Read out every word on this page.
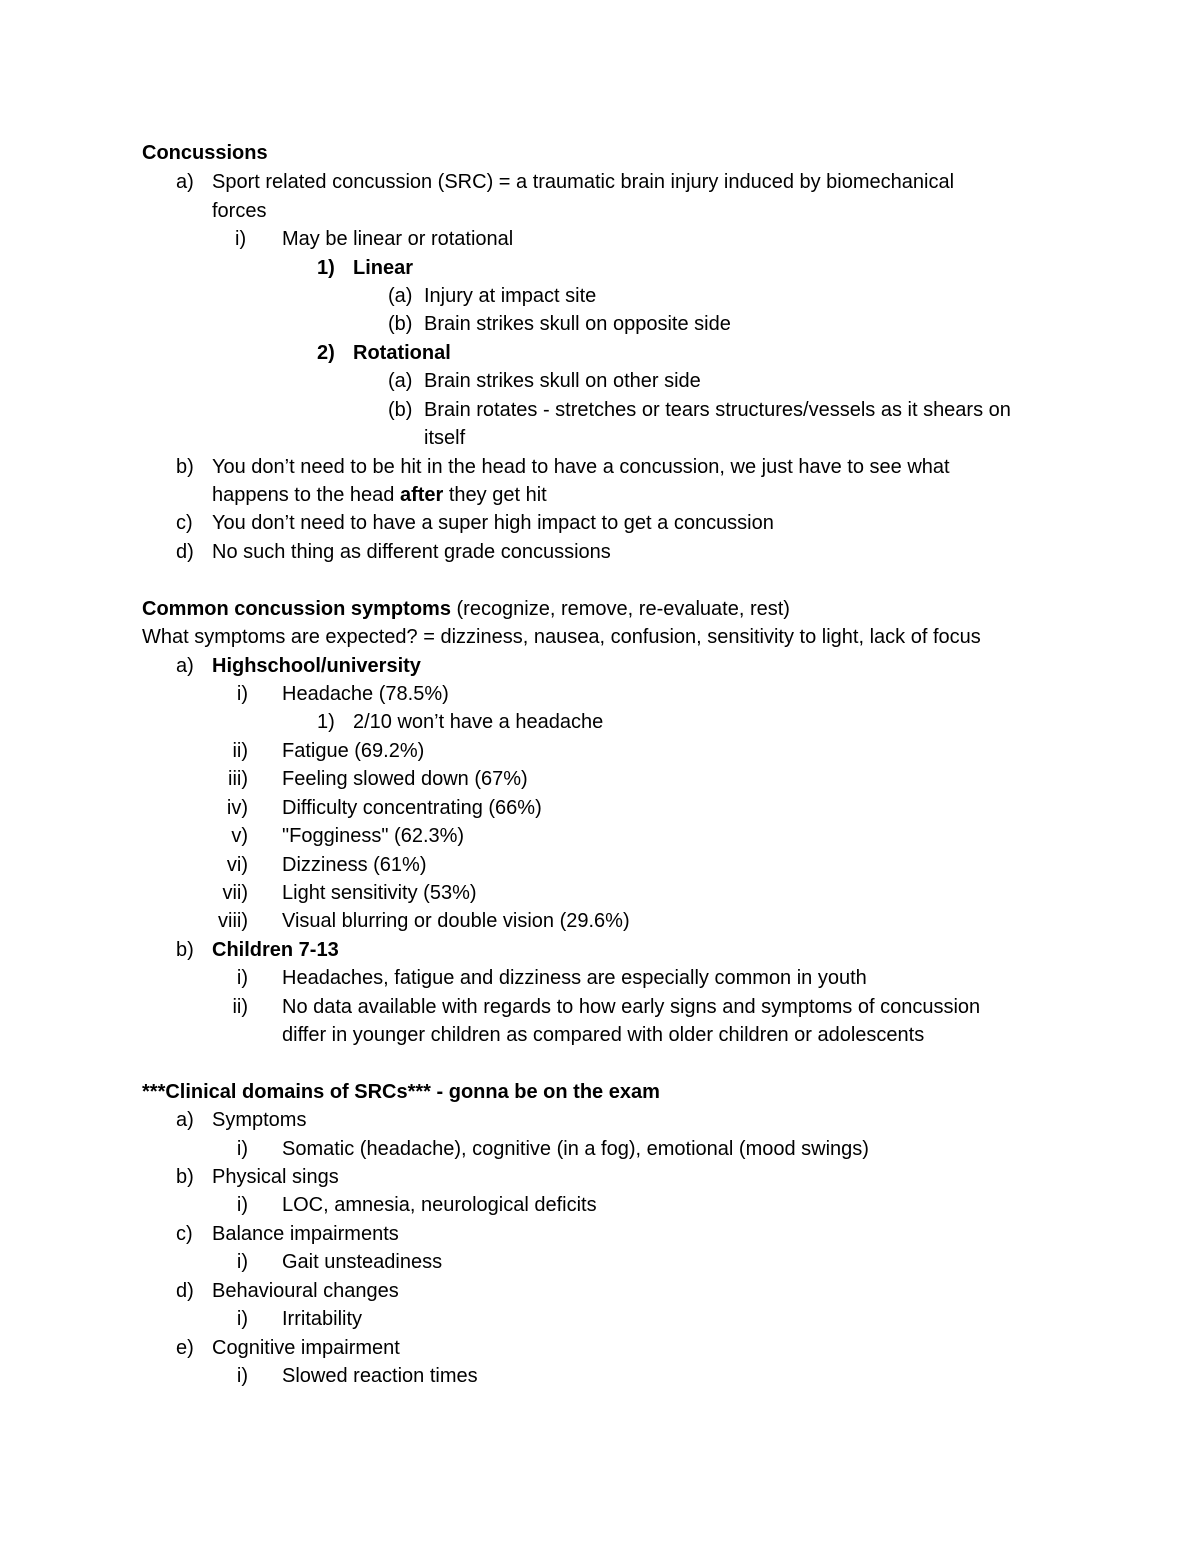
Concussions
a) Sport related concussion (SRC) = a traumatic brain injury induced by biomechanical
forces
i) May be linear or rotational
1) Linear
(a) Injury at impact site
(b) Brain strikes skull on opposite side
2) Rotational
(a) Brain strikes skull on other side
(b) Brain rotates - stretches or tears structures/vessels as it shears on
itself
b) You don’t need to be hit in the head to have a concussion, we just have to see what
happens to the head after they get hit
c) You don’t need to have a super high impact to get a concussion
d) No such thing as different grade concussions
Common concussion symptoms (recognize, remove, re-evaluate, rest)
What symptoms are expected? = dizziness, nausea, confusion, sensitivity to light, lack of focus
a) Highschool/university
i) Headache (78.5%)
1) 2/10 won’t have a headache
ii) Fatigue (69.2%)
iii) Feeling slowed down (67%)
iv) Difficulty concentrating (66%)
v) "Fogginess" (62.3%)
vi) Dizziness (61%)
vii) Light sensitivity (53%)
viii) Visual blurring or double vision (29.6%)
b) Children 7-13
i) Headaches, fatigue and dizziness are especially common in youth
ii) No data available with regards to how early signs and symptoms of concussion
differ in younger children as compared with older children or adolescents
***Clinical domains of SRCs*** - gonna be on the exam
a) Symptoms
i) Somatic (headache), cognitive (in a fog), emotional (mood swings)
b) Physical sings
i) LOC, amnesia, neurological deficits
c) Balance impairments
i) Gait unsteadiness
d) Behavioural changes
i) Irritability
e) Cognitive impairment
i) Slowed reaction times
